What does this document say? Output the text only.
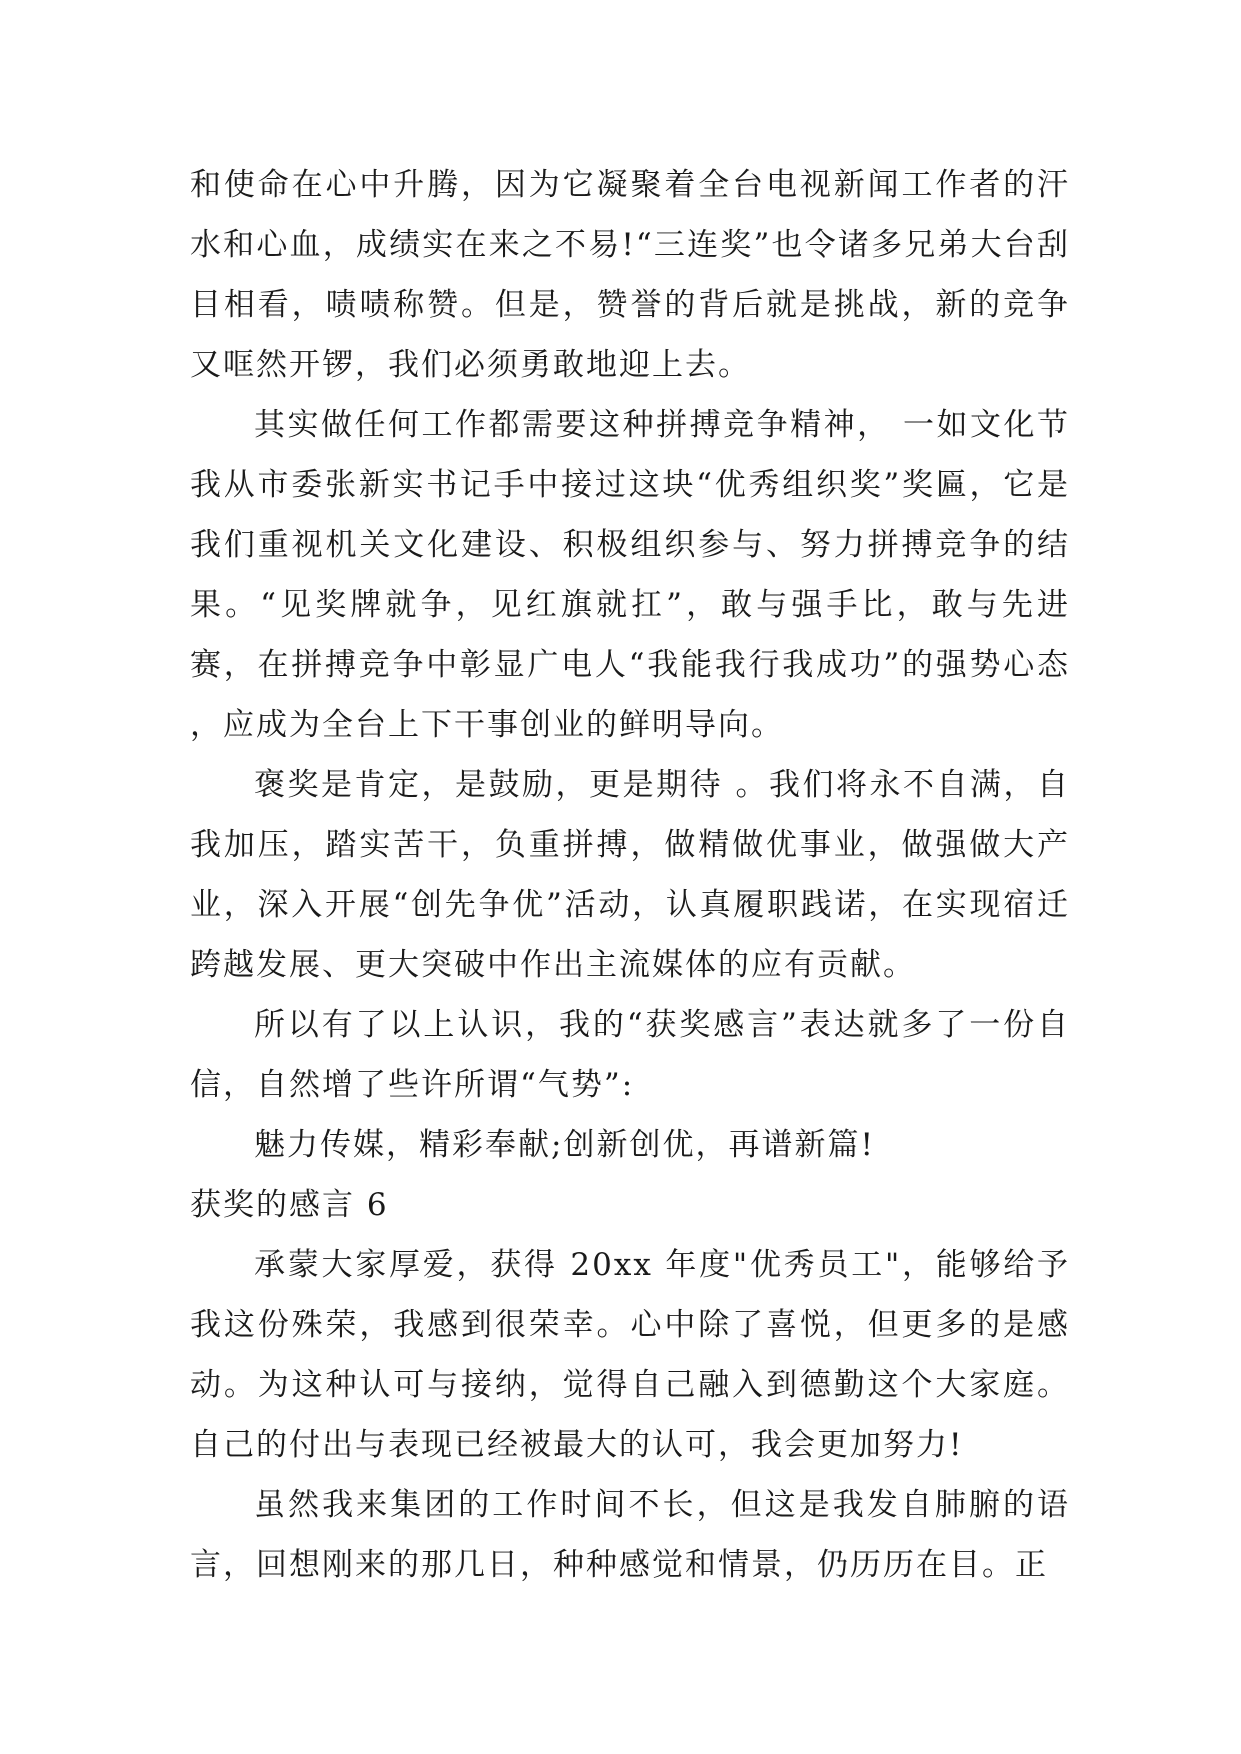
和使命在心中升腾，因为它凝聚着全台电视新闻工作者的汗水和心血，成绩实在来之不易!“三连奖”也令诸多兄弟大台刮目相看，啧啧称赞。但是，赞誉的背后就是挑战，新的竞争又哐然开锣，我们必须勇敢地迎上去。

其实做任何工作都需要这种拼搏竞争精神， 一如文化节我从市委张新实书记手中接过这块“优秀组织奖”奖匾，它是我们重视机关文化建设、积极组织参与、努力拼搏竞争的结果。“见奖牌就争，见红旗就扛”，敢与强手比，敢与先进赛，在拼搏竞争中彰显广电人“我能我行我成功”的强势心态 ，应成为全台上下干事创业的鲜明导向。

褒奖是肯定，是鼓励，更是期待 。我们将永不自满，自我加压，踏实苦干，负重拼搏，做精做优事业，做强做大产业，深入开展“创先争优”活动，认真履职践诺，在实现宿迁跨越发展、更大突破中作出主流媒体的应有贡献。

所以有了以上认识，我的“获奖感言”表达就多了一份自信，自然增了些许所谓“气势”:

魅力传媒，精彩奉献;创新创优，再谱新篇!

获奖的感言 6

承蒙大家厚爱，获得 20xx 年度"优秀员工"，能够给予我这份殊荣，我感到很荣幸。心中除了喜悦，但更多的是感动。为这种认可与接纳，觉得自己融入到德勤这个大家庭。自己的付出与表现已经被最大的认可，我会更加努力!

虽然我来集团的工作时间不长，但这是我发自肺腑的语言，回想刚来的那几日，种种感觉和情景，仍历历在目。正
